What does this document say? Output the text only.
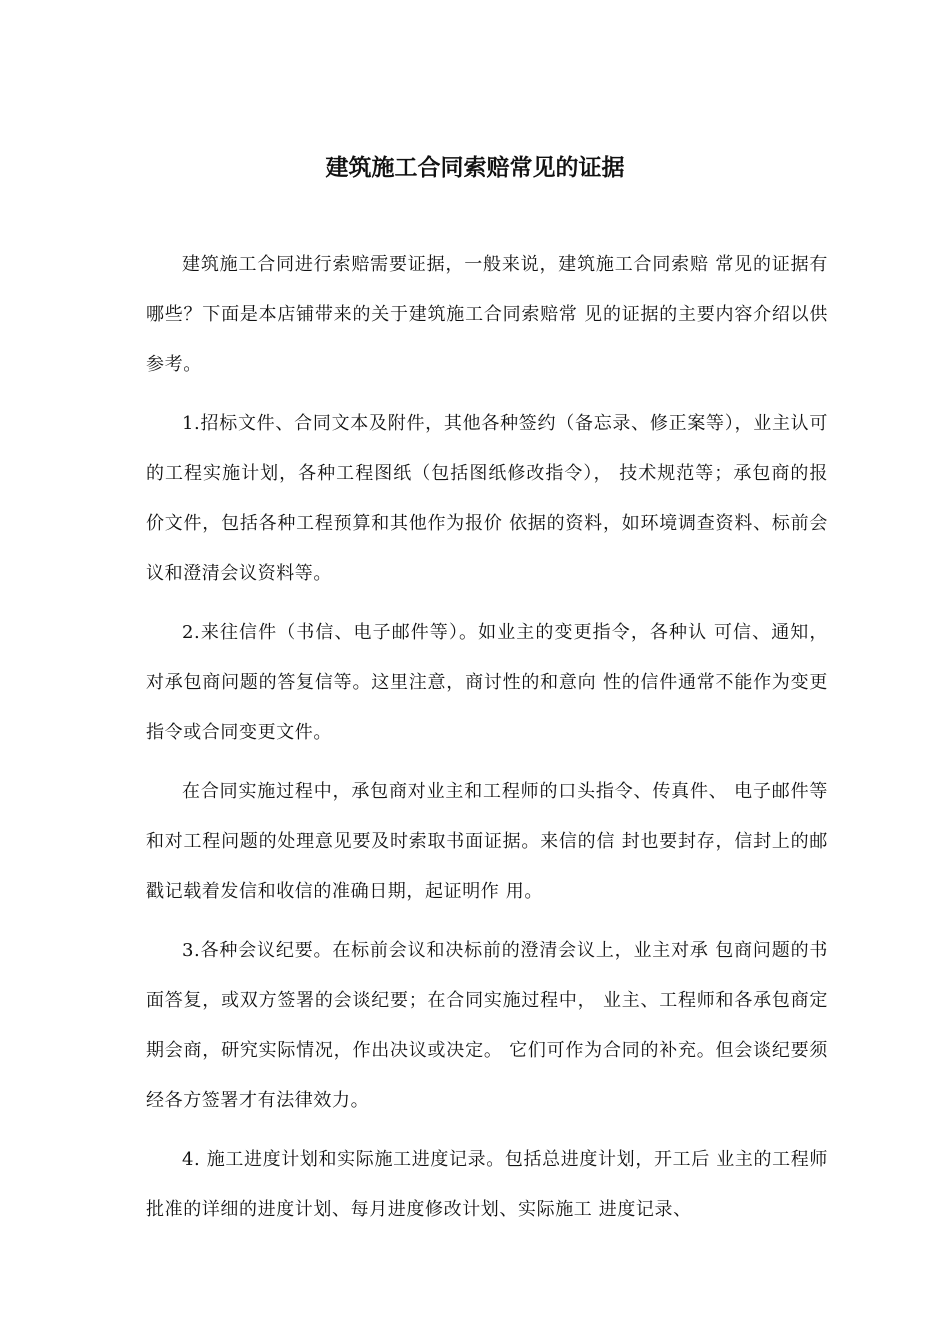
建筑施工合同索赔常见的证据

建筑施工合同进行索赔需要证据，一般来说，建筑施工合同索赔 常见的证据有哪些？下面是本店铺带来的关于建筑施工合同索赔常 见的证据的主要内容介绍以供参考。

1.招标文件、合同文本及附件，其他各种签约（备忘录、修正案等），业主认可的工程实施计划，各种工程图纸（包括图纸修改指令）， 技术规范等；承包商的报价文件，包括各种工程预算和其他作为报价 依据的资料，如环境调查资料、标前会议和澄清会议资料等。

2.来往信件（书信、电子邮件等）。如业主的变更指令，各种认 可信、通知，对承包商问题的答复信等。这里注意，商讨性的和意向 性的信件通常不能作为变更指令或合同变更文件。

在合同实施过程中，承包商对业主和工程师的口头指令、传真件、 电子邮件等和对工程问题的处理意见要及时索取书面证据。来信的信 封也要封存，信封上的邮戳记载着发信和收信的准确日期，起证明作 用。

3.各种会议纪要。在标前会议和决标前的澄清会议上，业主对承 包商问题的书面答复，或双方签署的会谈纪要；在合同实施过程中， 业主、工程师和各承包商定期会商，研究实际情况，作出决议或决定。 它们可作为合同的补充。但会谈纪要须经各方签署才有法律效力。

4. 施工进度计划和实际施工进度记录。包括总进度计划，开工后 业主的工程师批准的详细的进度计划、每月进度修改计划、实际施工 进度记录、
